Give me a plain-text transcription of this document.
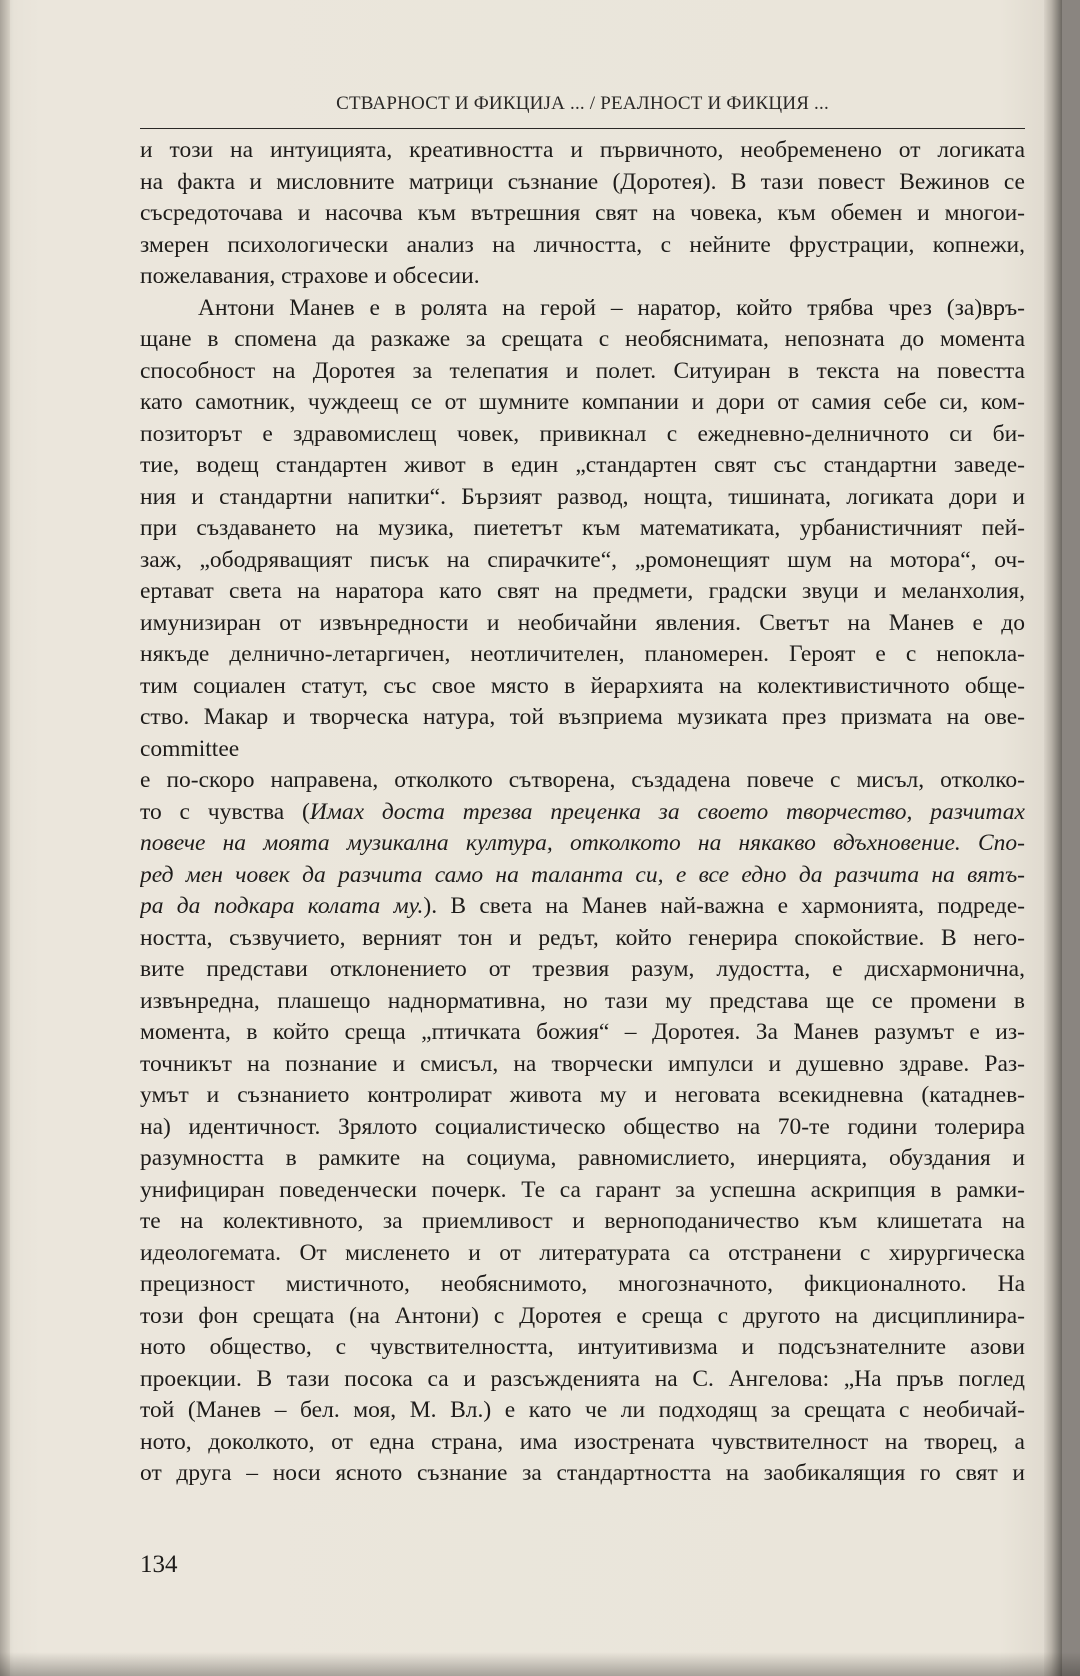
СТВАРНОСТ И ФИКЦИЈА ... / РЕАЛНОСТ И ФИКЦИЯ ...
и този на интуицията, креативността и първичното, необременено от логиката
на факта и мисловните матрици съзнание (Доротея). В тази повест Вежинов се
съсредоточава и насочва към вътрешния свят на човека, към обемен и многои-
змерен психологически анализ на личността, с нейните фрустрации, копнежи,
пожелавания, страхове и обсесии.
Антони Манев е в ролята на герой – наратор, който трябва чрез (за)връ-
щане в спомена да разкаже за срещата с необяснимата, непозната до момента
способност на Доротея за телепатия и полет. Ситуиран в текста на повестта
като самотник, чуждеещ се от шумните компании и дори от самия себе си, ком-
позиторът е здравомислещ човек, привикнал с ежедневно-делничното си би-
тие, водещ стандартен живот в един „стандартен свят със стандартни заведе-
ния и стандартни напитки“. Бързият развод, нощта, тишината, логиката дори и
при създаването на музика, пиететът към математиката, урбанистичният пей-
заж, „ободряващият писък на спирачките“, „ромонещият шум на мотора“, оч-
ертават света на наратора като свят на предмети, градски звуци и меланхолия,
имунизиран от извънредности и необичайни явления. Светът на Манев е до
някъде делнично-летаргичен, неотличителен, планомерен. Героят е с непокла-
тим социален статут, със свое място в йерархията на колективистичното обще-
ство. Макар и творческа натура, той възприема музиката през призмата на ове-
committee
е по-скоро направена, отколкото сътворена, създадена повече с мисъл, отколко-
то с чувства (Имах доста трезва преценка за своето творчество, разчитах
повече на моята музикална култура, отколкото на някакво вдъхновение. Спо-
ред мен човек да разчита само на таланта си, е все едно да разчита на вятъ-
ра да подкара колата му.). В света на Манев най-важна е хармонията, подреде-
ността, съзвучието, верният тон и редът, който генерира спокойствие. В него-
вите представи отклонението от трезвия разум, лудостта, е дисхармонична,
извънредна, плашещо наднормативна, но тази му представа ще се промени в
момента, в който среща „птичката божия“ – Доротея. За Манев разумът е из-
точникът на познание и смисъл, на творчески импулси и душевно здраве. Раз-
умът и съзнанието контролират живота му и неговата всекидневна (катаднев-
на) идентичност. Зрялото социалистическо общество на 70-те години толерира
разумността в рамките на социума, равномислието, инерцията, обуздания и
унифициран поведенчески почерк. Те са гарант за успешна аскрипция в рамки-
те на колективното, за приемливост и верноподаничество към клишетата на
идеологемата. От мисленето и от литературата са отстранени с хирургическа
прецизност мистичното, необяснимото, многозначното, фикционалното. На
този фон срещата (на Антони) с Доротея е среща с другото на дисциплинира-
ното общество, с чувствителността, интуитивизма и подсъзнателните азови
проекции. В тази посока са и разсъжденията на С. Ангелова: „На пръв поглед
той (Манев – бел. моя, М. Вл.) е като че ли подходящ за срещата с необичай-
ното, доколкото, от една страна, има изострената чувствителност на творец, а
от друга – носи ясното съзнание за стандартността на заобикалящия го свят и
134
